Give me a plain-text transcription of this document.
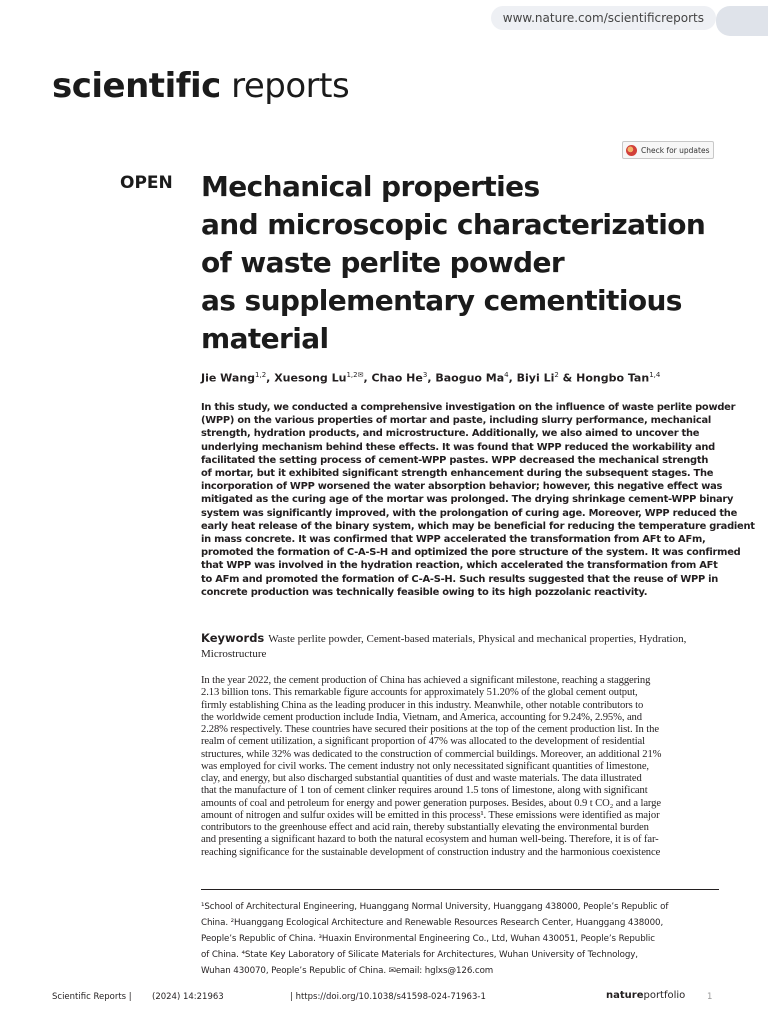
www.nature.com/scientificreports
scientific reports
Check for updates
OPEN Mechanical properties
and microscopic characterization
of waste perlite powder
as supplementary cementitious
material
Jie Wang$^{1,2}$, Xuesong $Lu^{1,2✉}$, Chao He$^3$, Baoguo Ma$^4$, Biyi Li$^2$ & Hongbo Tan$^{1,4}$
In this study, we conducted a comprehensive investigation on the influence of waste perlite powder
(WPP) on the various properties of mortar and paste, including slurry performance, mechanical
strength, hydration products, and microstructure. Additionally, we also aimed to uncover the
underlying mechanism behind these effects. It was found that WPP reduced the workability and
facilitated the setting process of cement-WPP pastes. WPP decreased the mechanical strength
of mortar, but it exhibited significant strength enhancement during the subsequent stages. The
incorporation of WPP worsened the water absorption behavior; however, this negative effect was
mitigated as the curing age of the mortar was prolonged. The drying shrinkage cement-WPP binary
system was significantly improved, with the prolongation of curing age. Moreover, WPP reduced the
early heat release of the binary system, which may be beneficial for reducing the temperature gradient
in mass concrete. It was confirmed that WPP accelerated the transformation from AFt to AFm,
promoted the formation of C-A-S-H and optimized the pore structure of the system. It was confirmed
that WPP was involved in the hydration reaction, which accelerated the transformation from AFt
to AFm and promoted the formation of C-A-S-H. Such results suggested that the reuse of WPP in
concrete production was technically feasible owing to its high pozzolanic reactivity.
Keywords Waste perlite powder, Cement-based materials, Physical and mechanical properties, Hydration, Microstructure
In the year 2022, the cement production of China has achieved a significant milestone, reaching a staggering
2.13 billion tons. This remarkable figure accounts for approximately 51.20% of the global cement output,
firmly establishing China as the leading producer in this industry. Meanwhile, other notable contributors to
the worldwide cement production include India, Vietnam, and America, accounting for 9.24%, 2.95%, and
2.28% respectively. These countries have secured their positions at the top of the cement production list. In the
realm of cement utilization, a significant proportion of 47% was allocated to the development of residential
structures, while 32% was dedicated to the construction of commercial buildings. Moreover, an additional 21%
was employed for civil works. The cement industry not only necessitated significant quantities of limestone,
clay, and energy, but also discharged substantial quantities of dust and waste materials. The data illustrated
that the manufacture of 1 ton of cement clinker requires around 1.5 tons of limestone, along with significant
amounts of coal and petroleum for energy and power generation purposes. Besides, about 0.9 t CO₂ and a large
amount of nitrogen and sulfur oxides will be emitted in this process¹. These emissions were identified as major
contributors to the greenhouse effect and acid rain, thereby substantially elevating the environmental burden
and presenting a significant hazard to both the natural ecosystem and human well-being. Therefore, it is of far-
reaching significance for the sustainable development of construction industry and the harmonious coexistence
¹School of Architectural Engineering, Huanggang Normal University, Huanggang 438000, People’s Republic of
China. ²Huanggang Ecological Architecture and Renewable Resources Research Center, Huanggang 438000,
People’s Republic of China. ³Huaxin Environmental Engineering Co., Ltd, Wuhan 430051, People’s Republic
of China. ⁴State Key Laboratory of Silicate Materials for Architectures, Wuhan University of Technology,
Wuhan 430070, People’s Republic of China. ✉email: hglxs@126.com
Scientific Reports | (2024) 14:21963	| https://doi.org/10.1038/s41598-024-71963-1	natureportfolio	1
